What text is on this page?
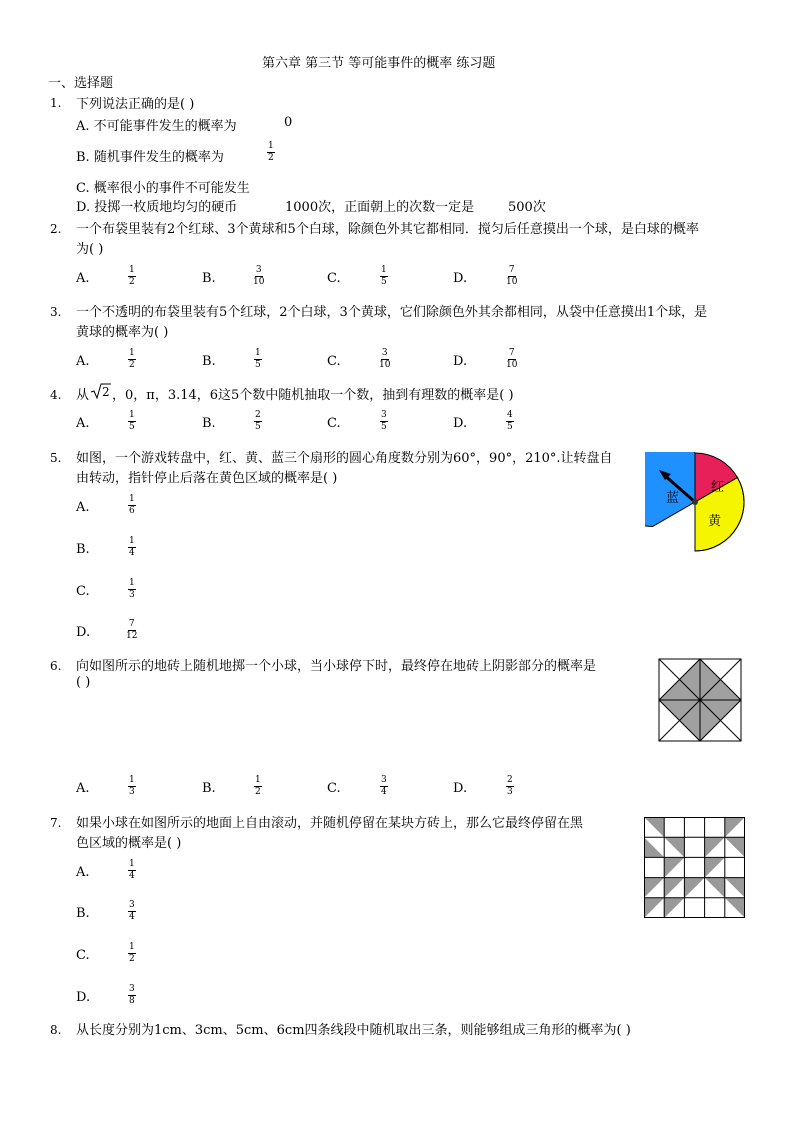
第六章 第三节 等可能事件的概率 练习题
一、选择题
1. 下列说法正确的是( )
A. 不可能事件发生的概率为	0
B. 随机事件发生的概率为	$\frac{1}{2}$
C. 概率很小的事件不可能发生
D. 投掷一枚质地均匀的硬币	1000次，正面朝上的次数一定是	500次
2. 一个布袋里装有2个红球、3个黄球和5个白球，除颜色外其它都相同．搅匀后任意摸出一个球，是白球的概率
为( )
A.	$\frac{1}{2}$	B.	$\frac{3}{10}$	C.	$\frac{1}{5}$	D.	$\frac{7}{10}$
3. 一个不透明的布袋里装有5个红球，2个白球，3个黄球，它们除颜色外其余都相同，从袋中任意摸出1个球，是
黄球的概率为( )
A.	$\frac{1}{2}$	B.	$\frac{1}{5}$	C.	$\frac{3}{10}$	D.	$\frac{7}{10}$
4. 从 2 ，0，π，3.14，6这5个数中随机抽取一个数，抽到有理数的概率是( )
A.	$\frac{1}{5}$	B.	$\frac{2}{5}$	C.	$\frac{3}{5}$	D.	$\frac{4}{5}$
5. 如图，一个游戏转盘中，红、黄、蓝三个扇形的圆心角度数分别为60°，90°，210°.让转盘自
由转动，指针停止后落在黄色区域的概率是( )
A.	$\frac{1}{6}$
B.	$\frac{1}{4}$
C.	$\frac{1}{3}$
D.	$\frac{7}{12}$
蓝
红
黄
6. 向如图所示的地砖上随机地掷一个小球，当小球停下时，最终停在地砖上阴影部分的概率是
( )
A.	$\frac{1}{3}$	B.	$\frac{1}{2}$	C.	$\frac{3}{4}$	D.	$\frac{2}{3}$
7. 如果小球在如图所示的地面上自由滚动，并随机停留在某块方砖上，那么它最终停留在黑
色区域的概率是( )
A.	$\frac{1}{4}$
B.	$\frac{3}{4}$
C.	$\frac{1}{2}$
D.	$\frac{3}{8}$
8. 从长度分别为1cm、3cm、5cm、6cm四条线段中随机取出三条，则能够组成三角形的概率为( )
